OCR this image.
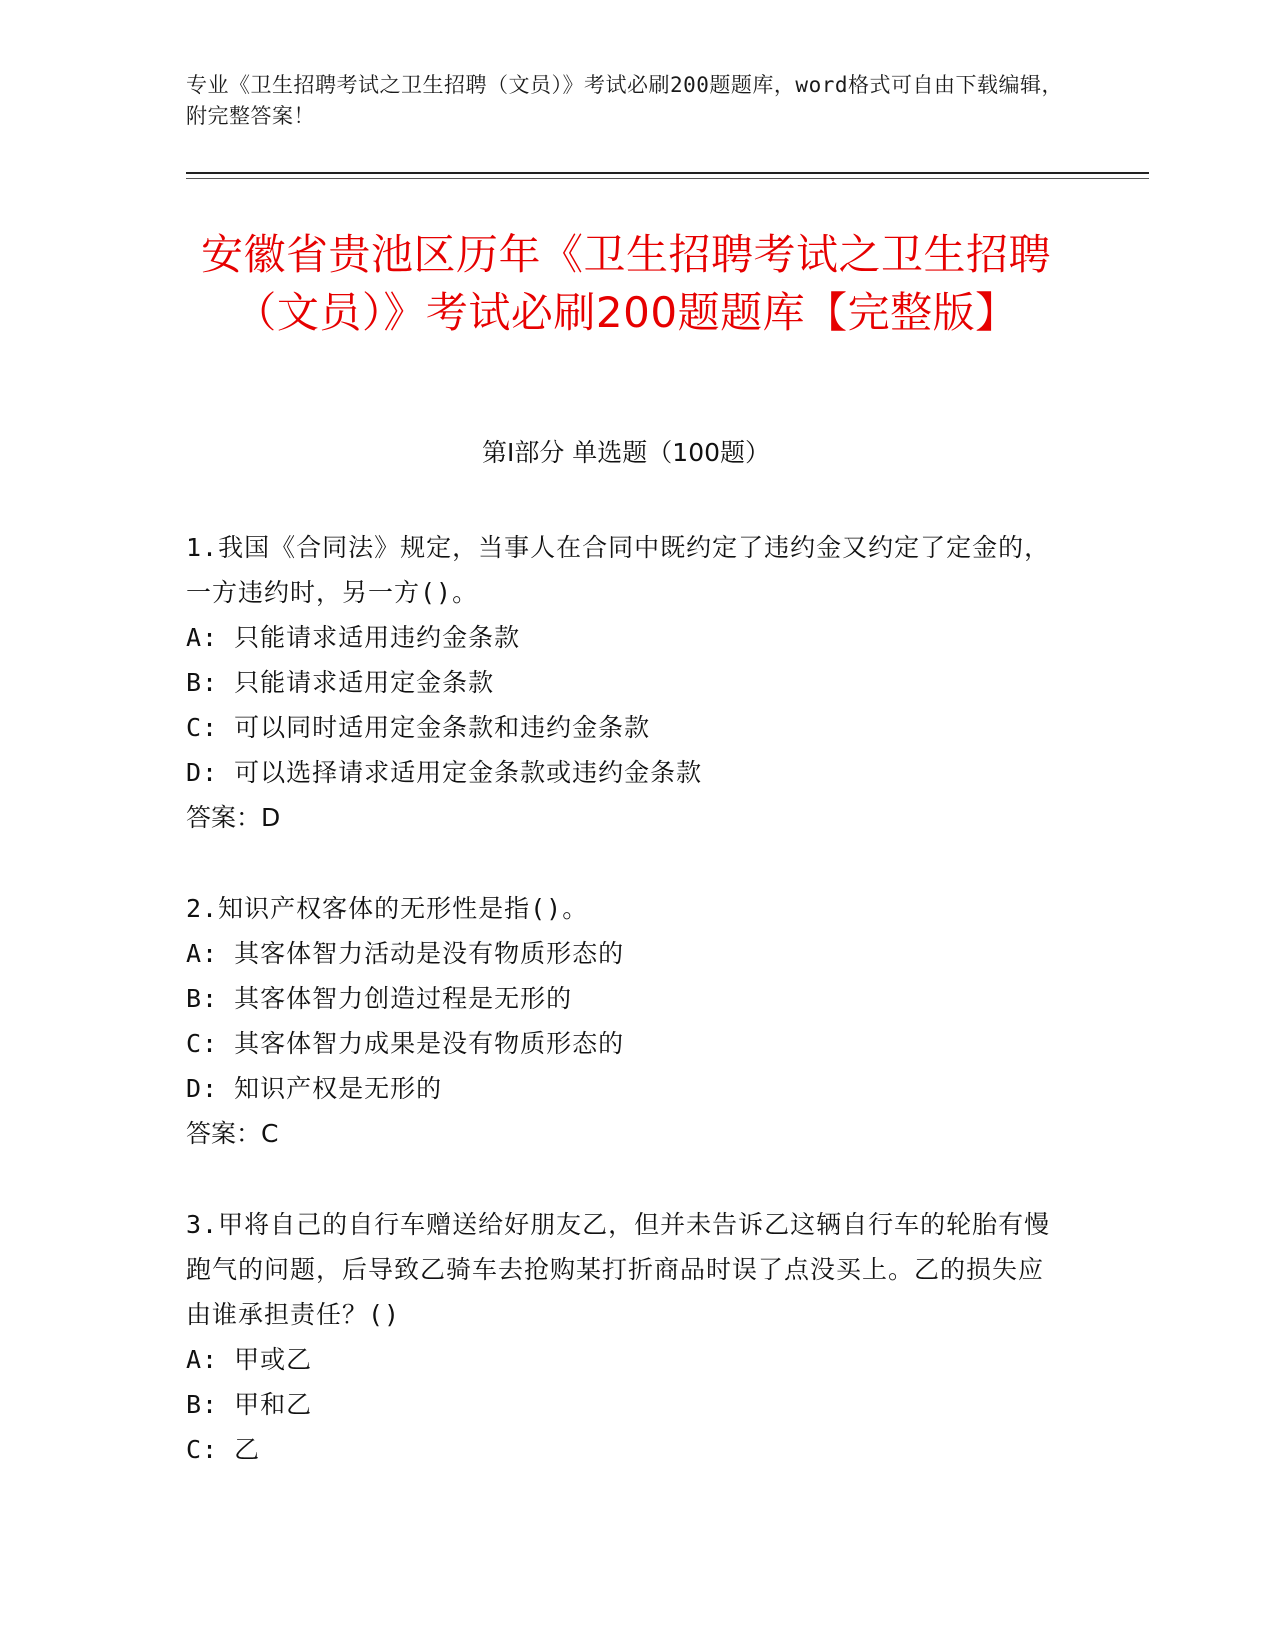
专业《卫生招聘考试之卫生招聘（文员）》考试必刷200题题库，word格式可自由下载编辑，附完整答案！
安徽省贵池区历年《卫生招聘考试之卫生招聘（文员）》考试必刷200题题库【完整版】
第I部分 单选题（100题）

1.我国《合同法》规定，当事人在合同中既约定了违约金又约定了定金的，一方违约时，另一方()。

A: 只能请求适用违约金条款

B: 只能请求适用定金条款

C: 可以同时适用定金条款和违约金条款

D: 可以选择请求适用定金条款或违约金条款

答案：D

2.知识产权客体的无形性是指()。

A: 其客体智力活动是没有物质形态的

B: 其客体智力创造过程是无形的

C: 其客体智力成果是没有物质形态的

D: 知识产权是无形的

答案：C

3.甲将自己的自行车赠送给好朋友乙，但并未告诉乙这辆自行车的轮胎有慢跑气的问题，后导致乙骑车去抢购某打折商品时误了点没买上。乙的损失应由谁承担责任？()

A: 甲或乙

B: 甲和乙

C: 乙
